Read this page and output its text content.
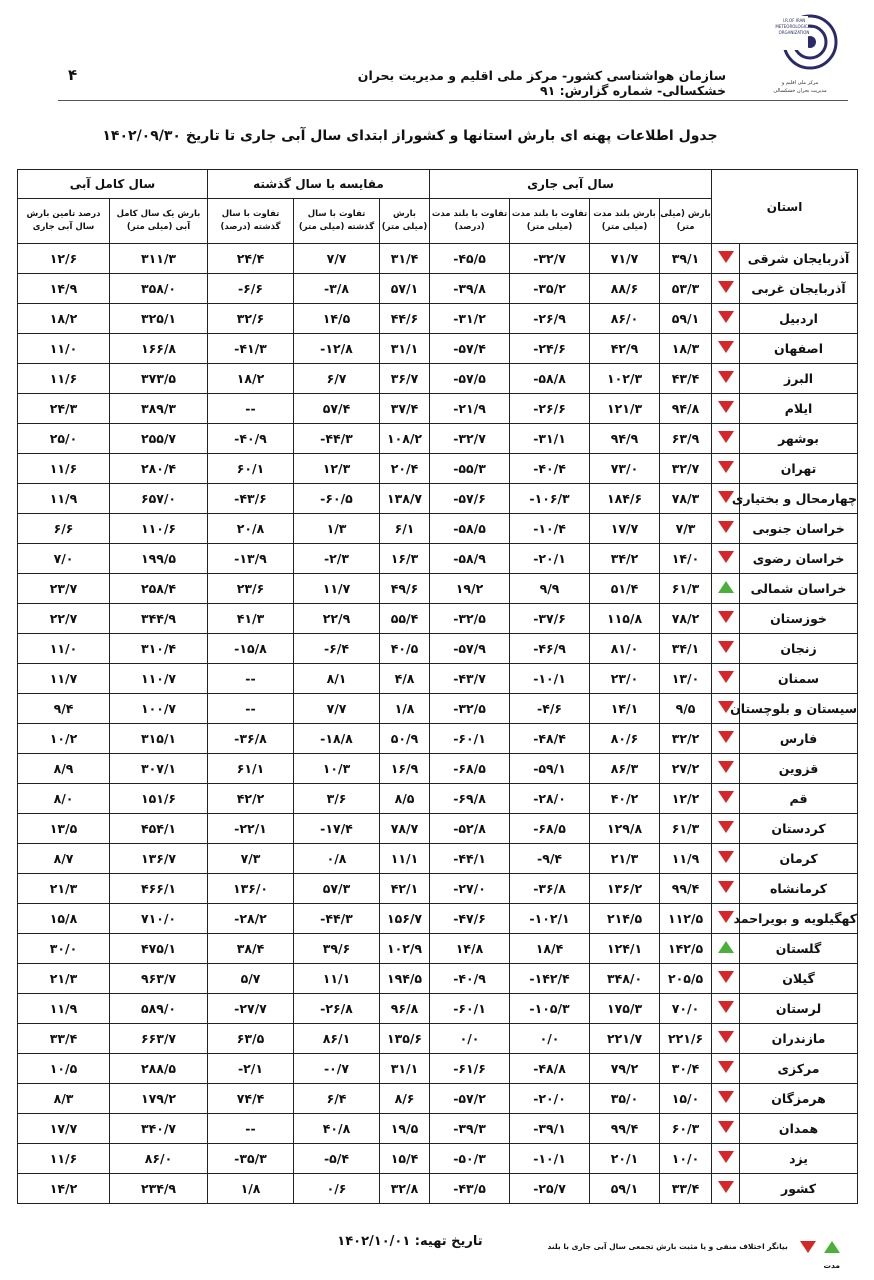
I.R.OF IRAN
METEOROLOGICAL
ORGANIZATION
مرکز ملی اقلیم و
مدیریت بحران خشکسالی
سازمان هواشناسی کشور- مرکز ملی اقلیم و مدیریت بحران خشکسالی- شماره گزارش: ۹۱
۴
جدول اطلاعات پهنه ای بارش استانها و کشوراز ابتدای سال آبی جاری تا تاریخ ۱۴۰۲/۰۹/۳۰
استان		سال آبی جاری				مقایسه با سال گذشته			سال کامل آبی	
		بارش (میلی متر)	بارش بلند مدت (میلی متر)	تفاوت با بلند مدت (میلی متر)	تفاوت با بلند مدت (درصد)	بارش (میلی متر)	تفاوت با سال گذشته (میلی متر)	تفاوت با سال گذشته (درصد)	بارش یک سال کامل آبی (میلی متر)	درصد تامین بارش سال آبی جاری
آذربایجان شرقی		۳۹/۱	۷۱/۷	-۳۲/۷	-۴۵/۵	۳۱/۴	۷/۷	۲۴/۴	۳۱۱/۳	۱۲/۶
آذربایجان غربی		۵۳/۳	۸۸/۶	-۳۵/۲	-۳۹/۸	۵۷/۱	-۳/۸	-۶/۶	۳۵۸/۰	۱۴/۹
اردبیل		۵۹/۱	۸۶/۰	-۲۶/۹	-۳۱/۲	۴۴/۶	۱۴/۵	۳۲/۶	۳۲۵/۱	۱۸/۲
اصفهان		۱۸/۳	۴۲/۹	-۲۴/۶	-۵۷/۴	۳۱/۱	-۱۲/۸	-۴۱/۳	۱۶۶/۸	۱۱/۰
البرز		۴۳/۴	۱۰۲/۳	-۵۸/۸	-۵۷/۵	۳۶/۷	۶/۷	۱۸/۲	۳۷۳/۵	۱۱/۶
ایلام		۹۴/۸	۱۲۱/۳	-۲۶/۶	-۲۱/۹	۳۷/۴	۵۷/۴	--	۳۸۹/۳	۲۴/۳
بوشهر		۶۳/۹	۹۴/۹	-۳۱/۱	-۳۲/۷	۱۰۸/۲	-۴۴/۳	-۴۰/۹	۲۵۵/۷	۲۵/۰
تهران		۳۲/۷	۷۳/۰	-۴۰/۴	-۵۵/۳	۲۰/۴	۱۲/۳	۶۰/۱	۲۸۰/۴	۱۱/۶
چهارمحال و بختیاری		۷۸/۳	۱۸۴/۶	-۱۰۶/۳	-۵۷/۶	۱۳۸/۷	-۶۰/۵	-۴۳/۶	۶۵۷/۰	۱۱/۹
خراسان جنوبی		۷/۳	۱۷/۷	-۱۰/۴	-۵۸/۵	۶/۱	۱/۳	۲۰/۸	۱۱۰/۶	۶/۶
خراسان رضوی		۱۴/۰	۳۴/۲	-۲۰/۱	-۵۸/۹	۱۶/۳	-۲/۳	-۱۳/۹	۱۹۹/۵	۷/۰
خراسان شمالی		۶۱/۳	۵۱/۴	۹/۹	۱۹/۲	۴۹/۶	۱۱/۷	۲۳/۶	۲۵۸/۴	۲۳/۷
خوزستان		۷۸/۲	۱۱۵/۸	-۳۷/۶	-۳۲/۵	۵۵/۴	۲۲/۹	۴۱/۳	۳۴۴/۹	۲۲/۷
زنجان		۳۴/۱	۸۱/۰	-۴۶/۹	-۵۷/۹	۴۰/۵	-۶/۴	-۱۵/۸	۳۱۰/۴	۱۱/۰
سمنان		۱۳/۰	۲۳/۰	-۱۰/۱	-۴۳/۷	۴/۸	۸/۱	--	۱۱۰/۷	۱۱/۷
سیستان و بلوچستان		۹/۵	۱۴/۱	-۴/۶	-۳۲/۵	۱/۸	۷/۷	--	۱۰۰/۷	۹/۴
فارس		۳۲/۲	۸۰/۶	-۴۸/۴	-۶۰/۱	۵۰/۹	-۱۸/۸	-۳۶/۸	۳۱۵/۱	۱۰/۲
قزوین		۲۷/۲	۸۶/۳	-۵۹/۱	-۶۸/۵	۱۶/۹	۱۰/۳	۶۱/۱	۳۰۷/۱	۸/۹
قم		۱۲/۲	۴۰/۲	-۲۸/۰	-۶۹/۸	۸/۵	۳/۶	۴۲/۲	۱۵۱/۶	۸/۰
کردستان		۶۱/۳	۱۲۹/۸	-۶۸/۵	-۵۲/۸	۷۸/۷	-۱۷/۴	-۲۲/۱	۴۵۴/۱	۱۳/۵
کرمان		۱۱/۹	۲۱/۳	-۹/۴	-۴۴/۱	۱۱/۱	۰/۸	۷/۳	۱۳۶/۷	۸/۷
کرمانشاه		۹۹/۴	۱۳۶/۲	-۳۶/۸	-۲۷/۰	۴۲/۱	۵۷/۳	۱۳۶/۰	۴۶۶/۱	۲۱/۳
کهگیلویه و بویراحمد		۱۱۲/۵	۲۱۴/۵	-۱۰۲/۱	-۴۷/۶	۱۵۶/۷	-۴۴/۳	-۲۸/۲	۷۱۰/۰	۱۵/۸
گلستان		۱۴۲/۵	۱۲۴/۱	۱۸/۴	۱۴/۸	۱۰۲/۹	۳۹/۶	۳۸/۴	۴۷۵/۱	۳۰/۰
گیلان		۲۰۵/۵	۳۴۸/۰	-۱۴۲/۴	-۴۰/۹	۱۹۴/۵	۱۱/۱	۵/۷	۹۶۳/۷	۲۱/۳
لرستان		۷۰/۰	۱۷۵/۳	-۱۰۵/۳	-۶۰/۱	۹۶/۸	-۲۶/۸	-۲۷/۷	۵۸۹/۰	۱۱/۹
مازندران		۲۲۱/۶	۲۲۱/۷	۰/۰	۰/۰	۱۳۵/۶	۸۶/۱	۶۳/۵	۶۶۳/۷	۳۳/۴
مرکزی		۳۰/۴	۷۹/۲	-۴۸/۸	-۶۱/۶	۳۱/۱	-۰/۷	-۲/۱	۲۸۸/۵	۱۰/۵
هرمزگان		۱۵/۰	۳۵/۰	-۲۰/۰	-۵۷/۲	۸/۶	۶/۴	۷۴/۴	۱۷۹/۲	۸/۳
همدان		۶۰/۳	۹۹/۴	-۳۹/۱	-۳۹/۳	۱۹/۵	۴۰/۸	--	۳۴۰/۷	۱۷/۷
یزد		۱۰/۰	۲۰/۱	-۱۰/۱	-۵۰/۳	۱۵/۴	-۵/۴	-۳۵/۳	۸۶/۰	۱۱/۶
کشور		۳۳/۴	۵۹/۱	-۲۵/۷	-۴۳/۵	۳۲/۸	۰/۶	۱/۸	۲۳۴/۹	۱۴/۲
بیانگر اختلاف منفی و یا مثبت بارش تجمعی سال آبی جاری با بلند مدت
تاریخ تهیه: ۱۴۰۲/۱۰/۰۱
